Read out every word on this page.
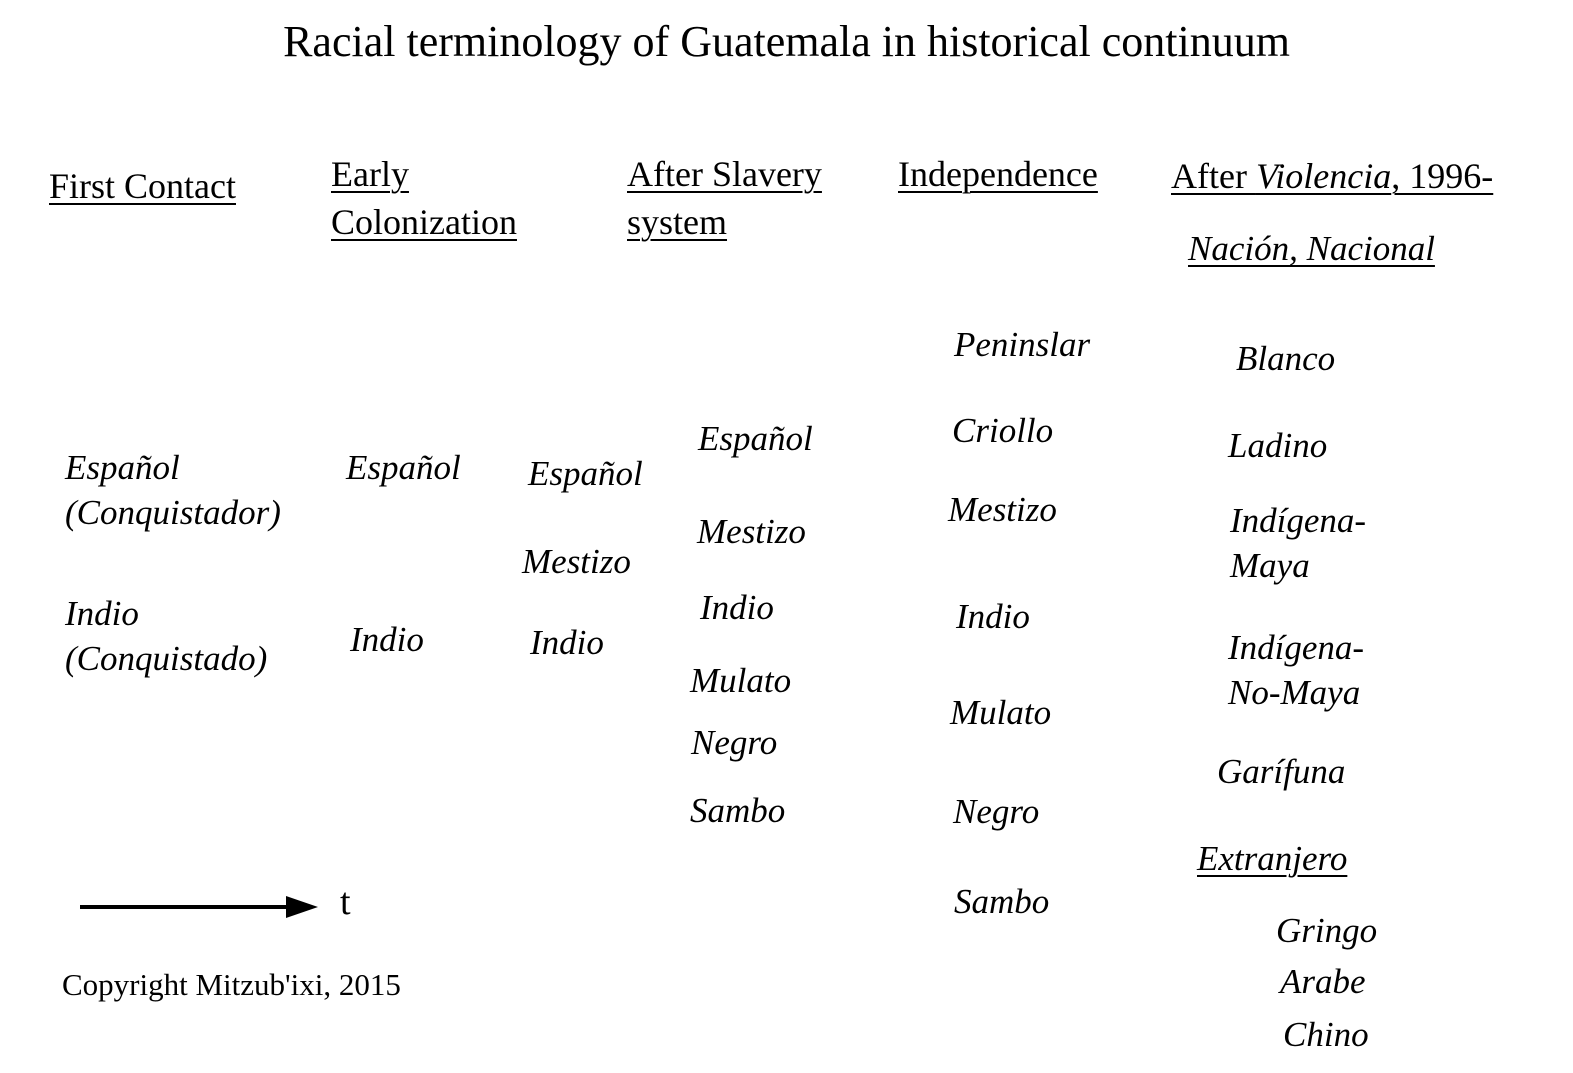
Racial terminology of Guatemala in historical continuum
First Contact	Early
Colonization
After Slavery
system
Independence After Violencia, 1996-
Nación, Nacional
Extranjero
Español
(Conquistador)
Indio
(Conquistado)
Español
Indio
Español
Mestizo
Indio
Español
Mestizo
Indio
Mulato
Negro
Sambo
Peninslar
Criollo
Mestizo
Indio
Mulato
Negro
Sambo
Blanco
Ladino
Indígena-
Maya
Indígena-
No-Maya
Garífuna
Gringo
Arabe
Chino
t
Copyright Mitzub'ixi, 2015
